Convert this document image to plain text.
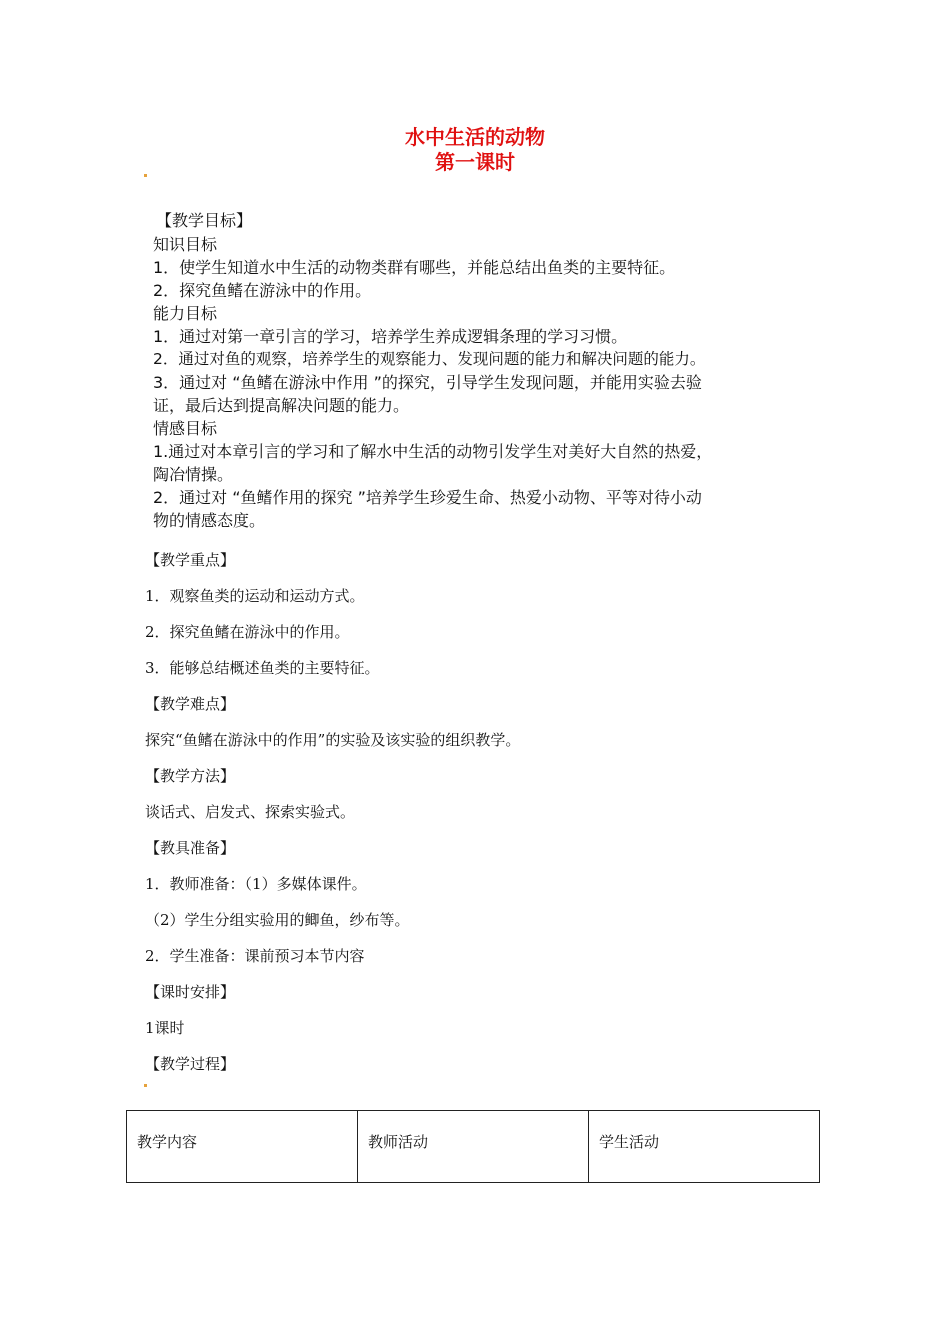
水中生活的动物
第一课时

【教学目标】

知识目标

1．使学生知道水中生活的动物类群有哪些，并能总结出鱼类的主要特征。

2．探究鱼鳍在游泳中的作用。

能力目标

1．通过对第一章引言的学习，培养学生养成逻辑条理的学习习惯。

2．通过对鱼的观察，培养学生的观察能力、发现问题的能力和解决问题的能力。

3．通过对 “鱼鳍在游泳中作用 ”的探究，引导学生发现问题，并能用实验去验

证，最后达到提高解决问题的能力。

情感目标

1.通过对本章引言的学习和了解水中生活的动物引发学生对美好大自然的热爱，

陶冶情操。

2．通过对 “鱼鳍作用的探究 ”培养学生珍爱生命、热爱小动物、平等对待小动

物的情感态度。

【教学重点】

1．观察鱼类的运动和运动方式。

2．探究鱼鳍在游泳中的作用。

3．能够总结概述鱼类的主要特征。

【教学难点】

探究“鱼鳍在游泳中的作用”的实验及该实验的组织教学。

【教学方法】

谈话式、启发式、探索实验式。

【教具准备】

1．教师准备：（1）多媒体课件。

（2）学生分组实验用的鲫鱼，纱布等。

2．学生准备：课前预习本节内容

【课时安排】

1课时

【教学过程】

教学内容	教师活动	学生活动
